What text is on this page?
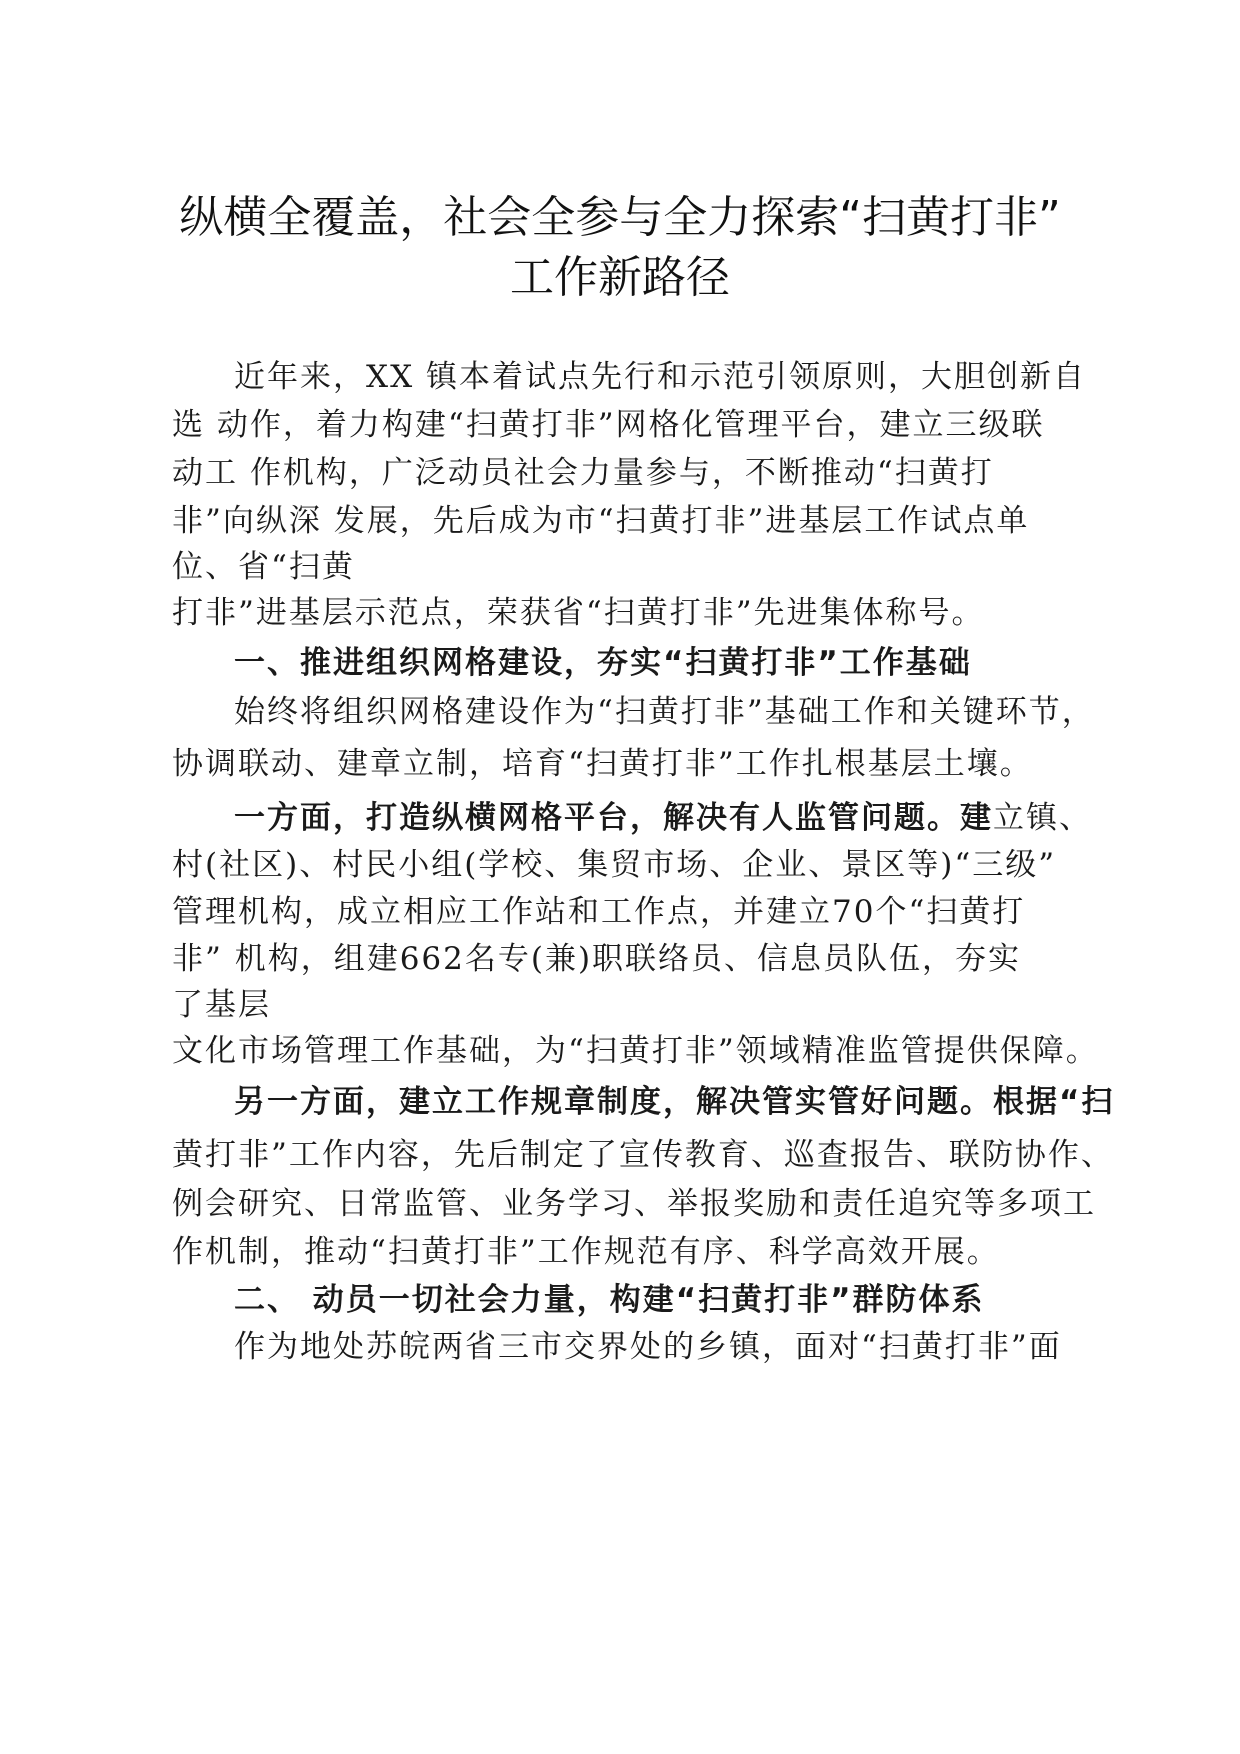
纵横全覆盖，社会全参与全力探索“扫黄打非”
工作新路径
近年来，XX 镇本着试点先行和示范引领原则，大胆创新自
选 动作，着力构建“扫黄打非”网格化管理平台，建立三级联
动工 作机构，广泛动员社会力量参与，不断推动“扫黄打
非”向纵深 发展，先后成为市“扫黄打非”进基层工作试点单
位、省“扫黄
打非”进基层示范点，荣获省“扫黄打非”先进集体称号。
一、推进组织网格建设，夯实“扫黄打非”工作基础
始终将组织网格建设作为“扫黄打非”基础工作和关键环节，
协调联动、建章立制，培育“扫黄打非”工作扎根基层土壤。
一方面，打造纵横网格平台，解决有人监管问题。建立镇、
村(社区)、村民小组(学校、集贸市场、企业、景区等)“三级”
管理机构，成立相应工作站和工作点，并建立70个“扫黄打
非” 机构，组建662名专(兼)职联络员、信息员队伍，夯实
了基层
文化市场管理工作基础，为“扫黄打非”领域精准监管提供保障。
另一方面，建立工作规章制度，解决管实管好问题。根据“扫
黄打非”工作内容，先后制定了宣传教育、巡查报告、联防协作、
例会研究、日常监管、业务学习、举报奖励和责任追究等多项工
作机制，推动“扫黄打非”工作规范有序、科学高效开展。
二、 动员一切社会力量，构建“扫黄打非”群防体系
作为地处苏皖两省三市交界处的乡镇，面对“扫黄打非”面
